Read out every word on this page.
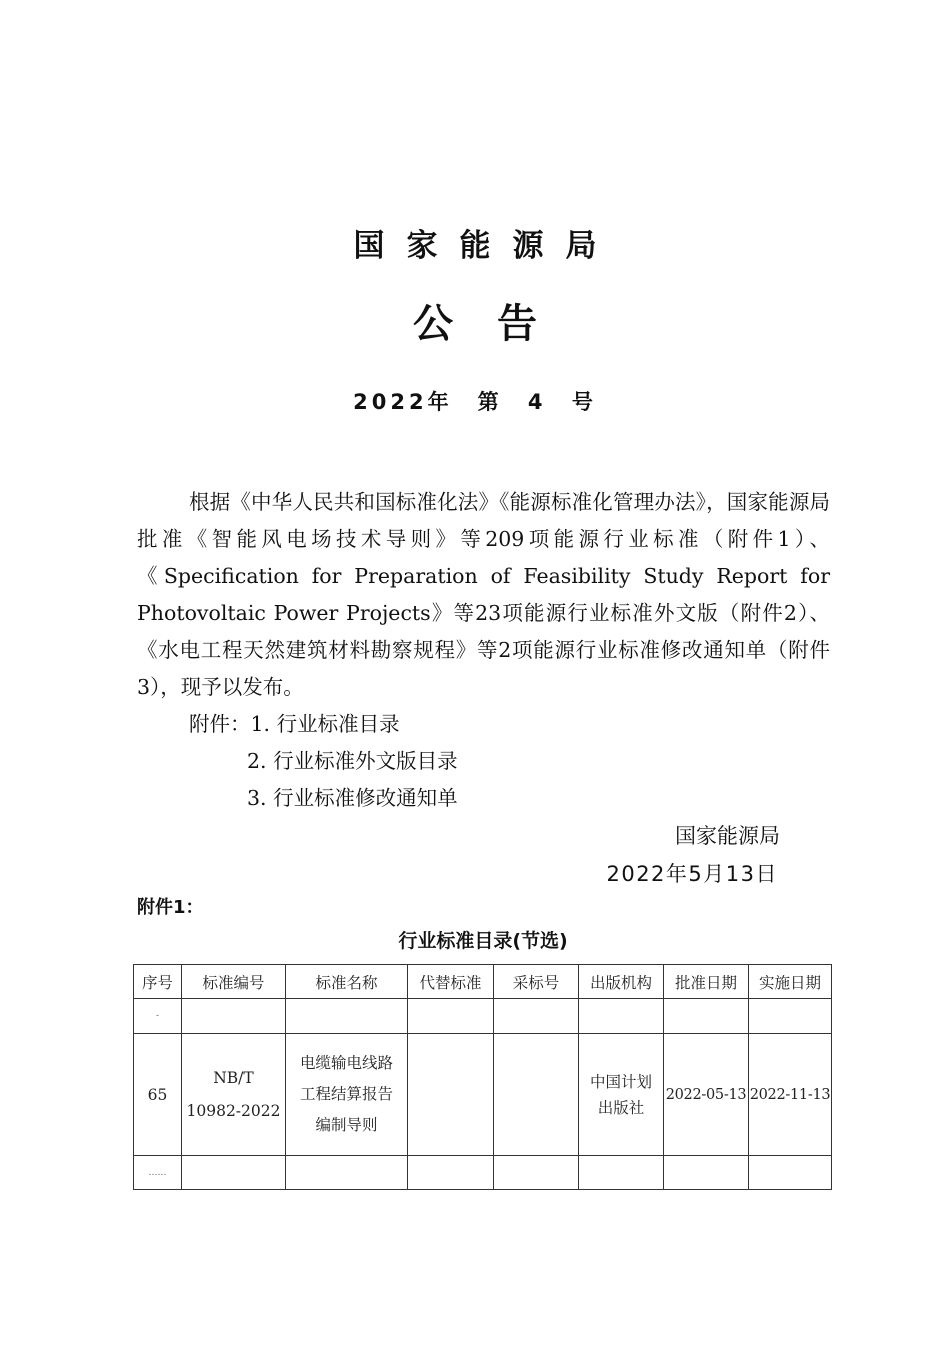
国家能源局
公告
2022年　第 4 号
根据《中华人民共和国标准化法》《能源标准化管理办法》，国家能源局批准《智能风电场技术导则》等209项能源行业标准（附件1）、《Specification for Preparation of Feasibility Study Report for Photovoltaic Power Projects》等23项能源行业标准外文版（附件2）、《水电工程天然建筑材料勘察规程》等2项能源行业标准修改通知单（附件3），现予以发布。
附件：1. 行业标准目录
2. 行业标准外文版目录
3. 行业标准修改通知单
国家能源局
2022年5月13日
附件1：
行业标准目录(节选)
序号	标准编号	标准名称	代替标准	采标号	出版机构	批准日期	实施日期
-							
65	NB/T 10982-2022	电缆输电线路工程结算报告编制导则			中国计划出版社	2022-05-13	2022-11-13
……							
